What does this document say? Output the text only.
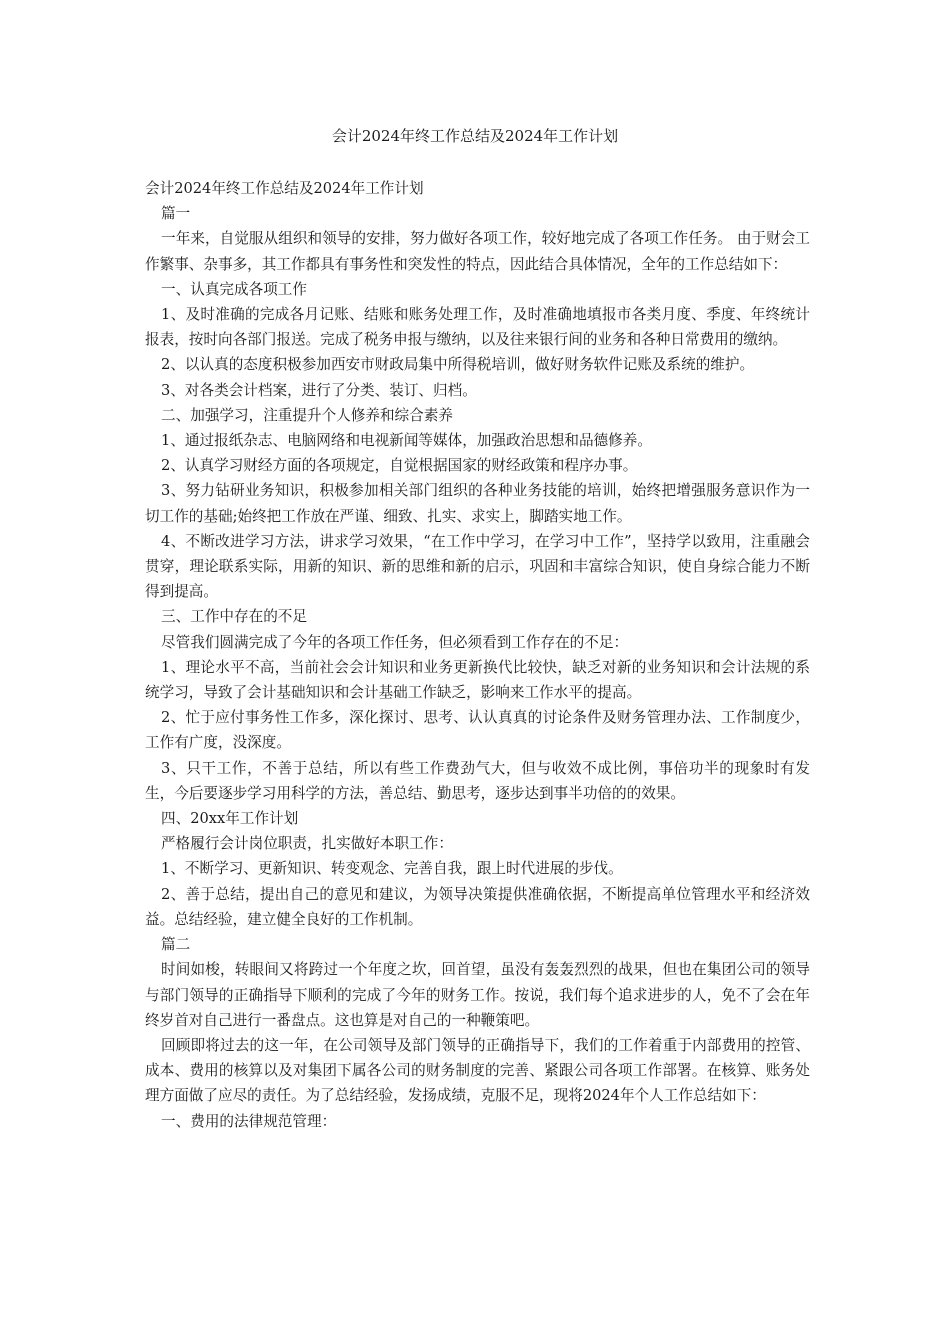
会计2024年终工作总结及2024年工作计划

会计2024年终工作总结及2024年工作计划

篇一

一年来，自觉服从组织和领导的安排，努力做好各项工作，较好地完成了各项工作任务。 由于财会工作繁事、杂事多，其工作都具有事务性和突发性的特点，因此结合具体情况，全年的工作总结如下：

一、认真完成各项工作

1、及时准确的完成各月记账、结账和账务处理工作，及时准确地填报市各类月度、季度、年终统计报表，按时向各部门报送。完成了税务申报与缴纳，以及往来银行间的业务和各种日常费用的缴纳。

2、以认真的态度积极参加西安市财政局集中所得税培训，做好财务软件记账及系统的维护。

3、对各类会计档案，进行了分类、装订、归档。

二、加强学习，注重提升个人修养和综合素养

1、通过报纸杂志、电脑网络和电视新闻等媒体，加强政治思想和品德修养。

2、认真学习财经方面的各项规定，自觉根据国家的财经政策和程序办事。

3、努力钻研业务知识，积极参加相关部门组织的各种业务技能的培训，始终把增强服务意识作为一切工作的基础;始终把工作放在严谨、细致、扎实、求实上，脚踏实地工作。

4、不断改进学习方法，讲求学习效果，“在工作中学习，在学习中工作”，坚持学以致用，注重融会贯穿，理论联系实际，用新的知识、新的思维和新的启示，巩固和丰富综合知识，使自身综合能力不断得到提高。

三、工作中存在的不足

尽管我们圆满完成了今年的各项工作任务，但必须看到工作存在的不足：

1、理论水平不高，当前社会会计知识和业务更新换代比较快，缺乏对新的业务知识和会计法规的系统学习，导致了会计基础知识和会计基础工作缺乏，影响来工作水平的提高。

2、忙于应付事务性工作多，深化探讨、思考、认认真真的讨论条件及财务管理办法、工作制度少，工作有广度，没深度。

3、只干工作，不善于总结，所以有些工作费劲气大，但与收效不成比例，事倍功半的现象时有发生，今后要逐步学习用科学的方法，善总结、勤思考，逐步达到事半功倍的的效果。

四、20xx年工作计划

严格履行会计岗位职责，扎实做好本职工作：

1、不断学习、更新知识、转变观念、完善自我，跟上时代进展的步伐。

2、善于总结，提出自己的意见和建议，为领导决策提供准确依据，不断提高单位管理水平和经济效益。总结经验，建立健全良好的工作机制。

篇二

时间如梭，转眼间又将跨过一个年度之坎，回首望，虽没有轰轰烈烈的战果，但也在集团公司的领导与部门领导的正确指导下顺利的完成了今年的财务工作。按说，我们每个追求进步的人，免不了会在年终岁首对自己进行一番盘点。这也算是对自己的一种鞭策吧。

回顾即将过去的这一年，在公司领导及部门领导的正确指导下，我们的工作着重于内部费用的控管、成本、费用的核算以及对集团下属各公司的财务制度的完善、紧跟公司各项工作部署。在核算、账务处理方面做了应尽的责任。为了总结经验，发扬成绩，克服不足，现将2024年个人工作总结如下：

一、费用的法律规范管理：
